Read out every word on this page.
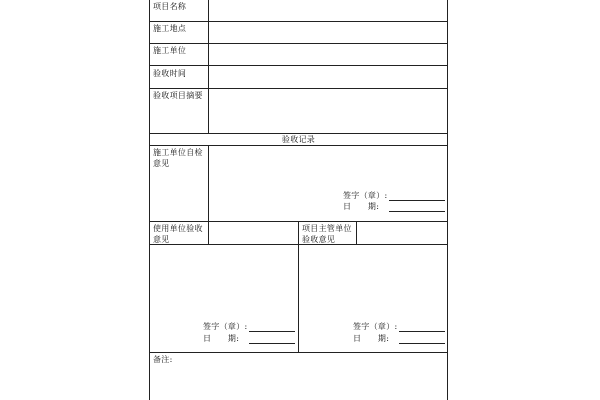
项目名称
施工地点
施工单位
验收时间
验收项目摘要
验收记录
施工单位自检意见
签字（章）:
日　　期:
使用单位验收意见
签字（章）:
日　　期:
项目主管单位验收意见
签字（章）:
日　　期:
备注:
